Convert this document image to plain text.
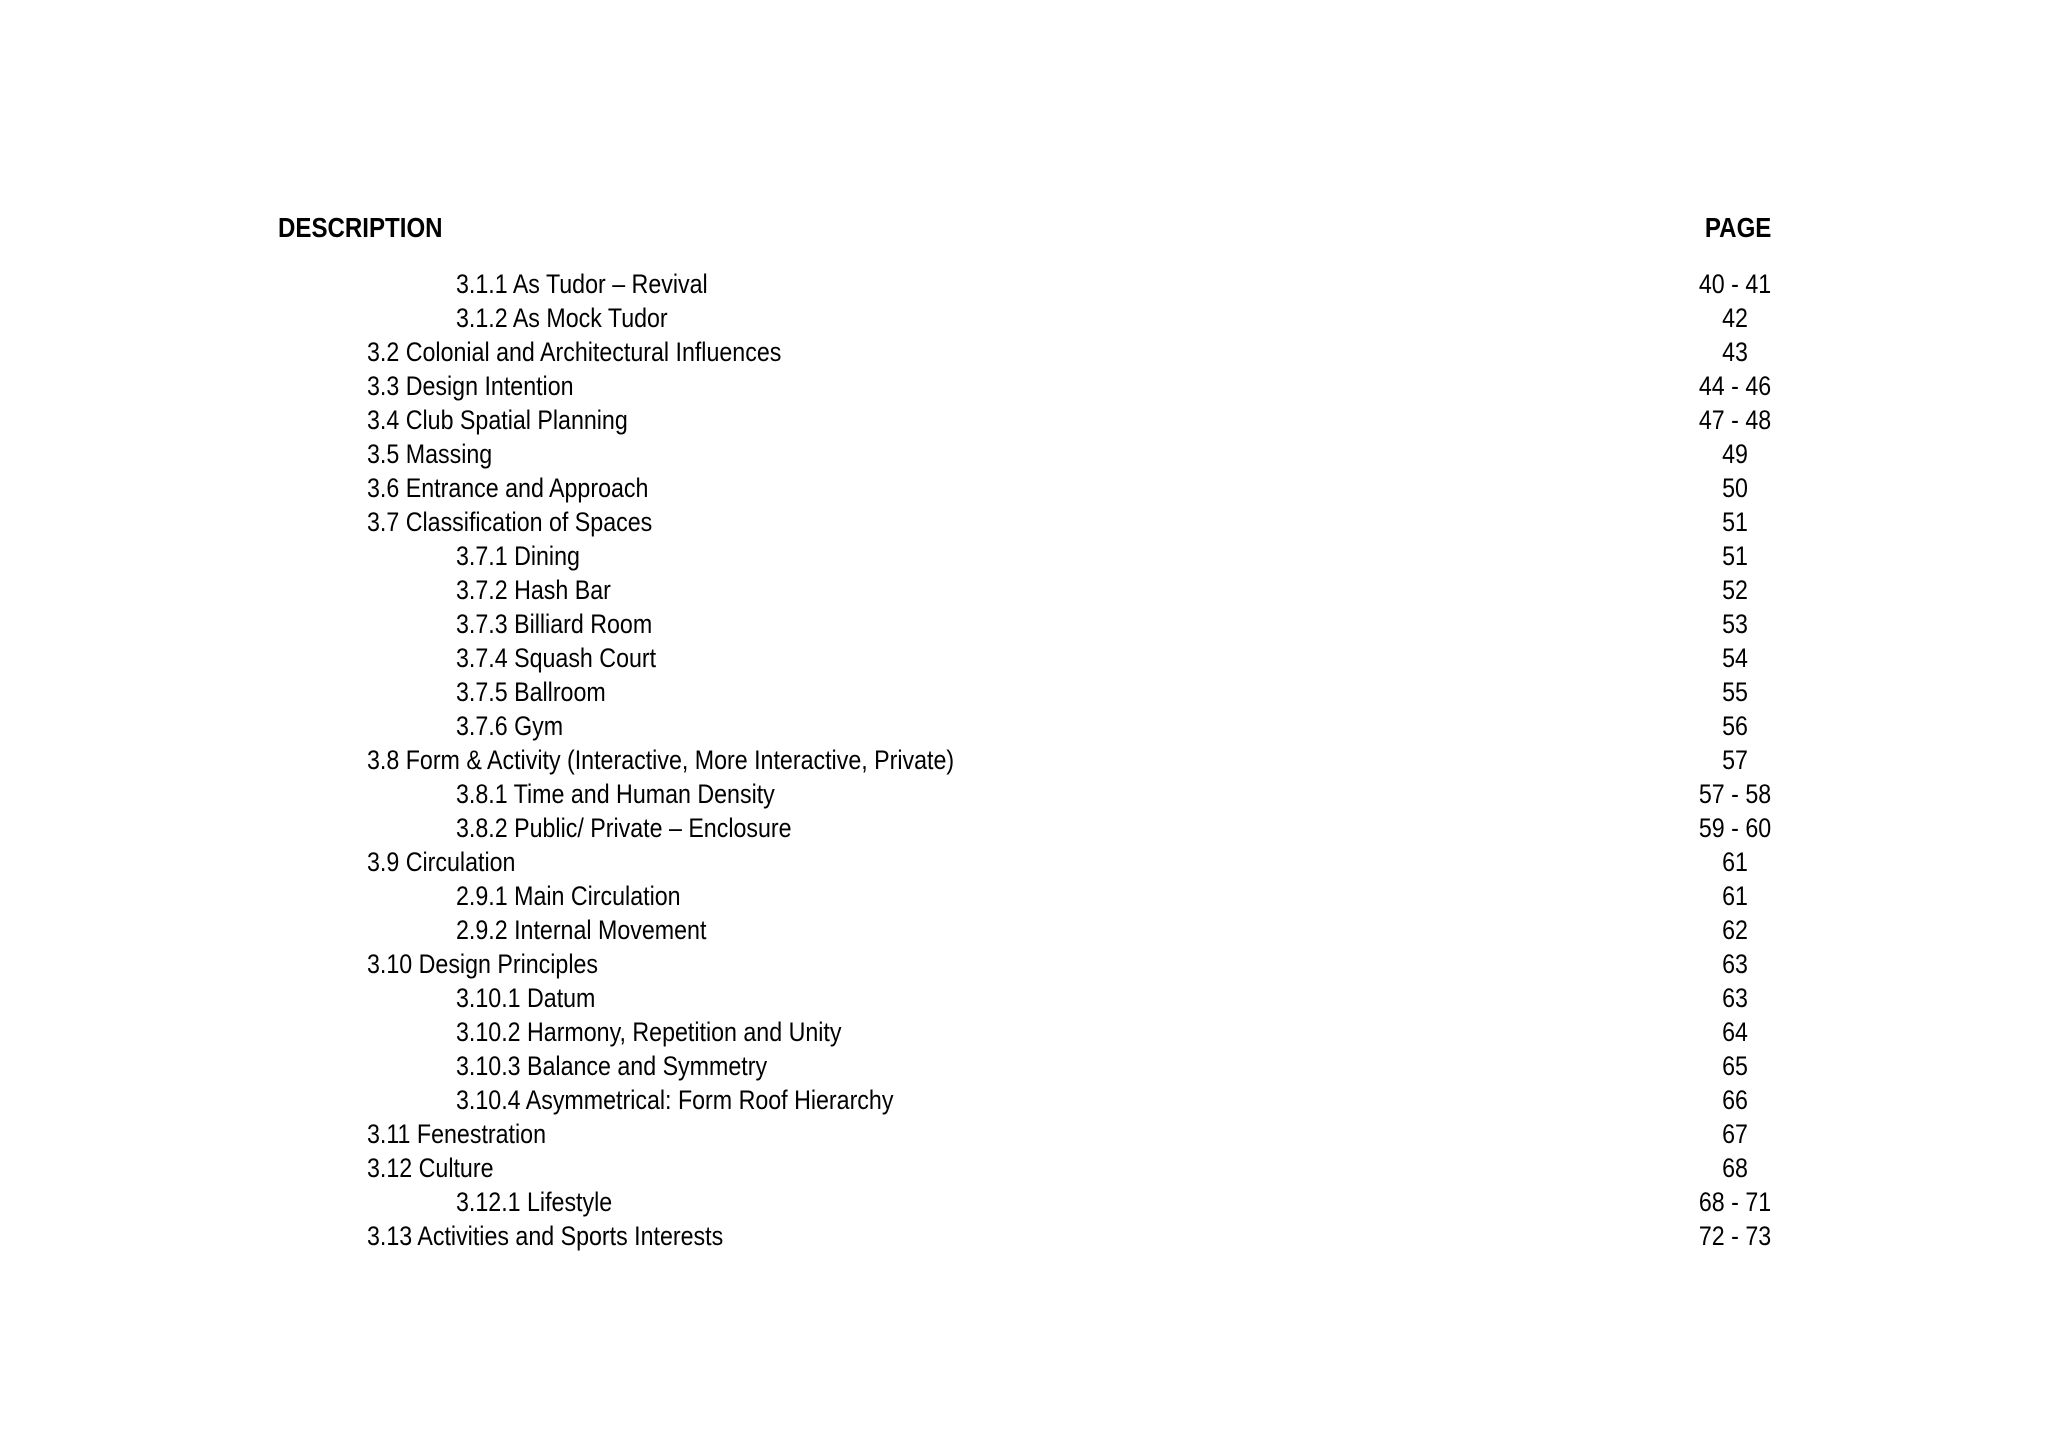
DESCRIPTION	PAGE
3.1.1 As Tudor – Revival	40 - 41
3.1.2 As Mock Tudor	42
3.2 Colonial and Architectural Influences	43
3.3 Design Intention	44 - 46
3.4 Club Spatial Planning	47 - 48
3.5 Massing	49
3.6 Entrance and Approach	50
3.7 Classification of Spaces	51
3.7.1 Dining	51
3.7.2 Hash Bar	52
3.7.3 Billiard Room	53
3.7.4 Squash Court	54
3.7.5 Ballroom	55
3.7.6 Gym	56
3.8 Form & Activity (Interactive, More Interactive, Private)	57
3.8.1 Time and Human Density	57 - 58
3.8.2 Public/ Private – Enclosure	59 - 60
3.9 Circulation	61
2.9.1 Main Circulation	61
2.9.2 Internal Movement	62
3.10 Design Principles	63
3.10.1 Datum	63
3.10.2 Harmony, Repetition and Unity	64
3.10.3 Balance and Symmetry	65
3.10.4 Asymmetrical: Form Roof Hierarchy	66
3.11 Fenestration	67
3.12 Culture	68
3.12.1 Lifestyle	68 - 71
3.13 Activities and Sports Interests	72 - 73
